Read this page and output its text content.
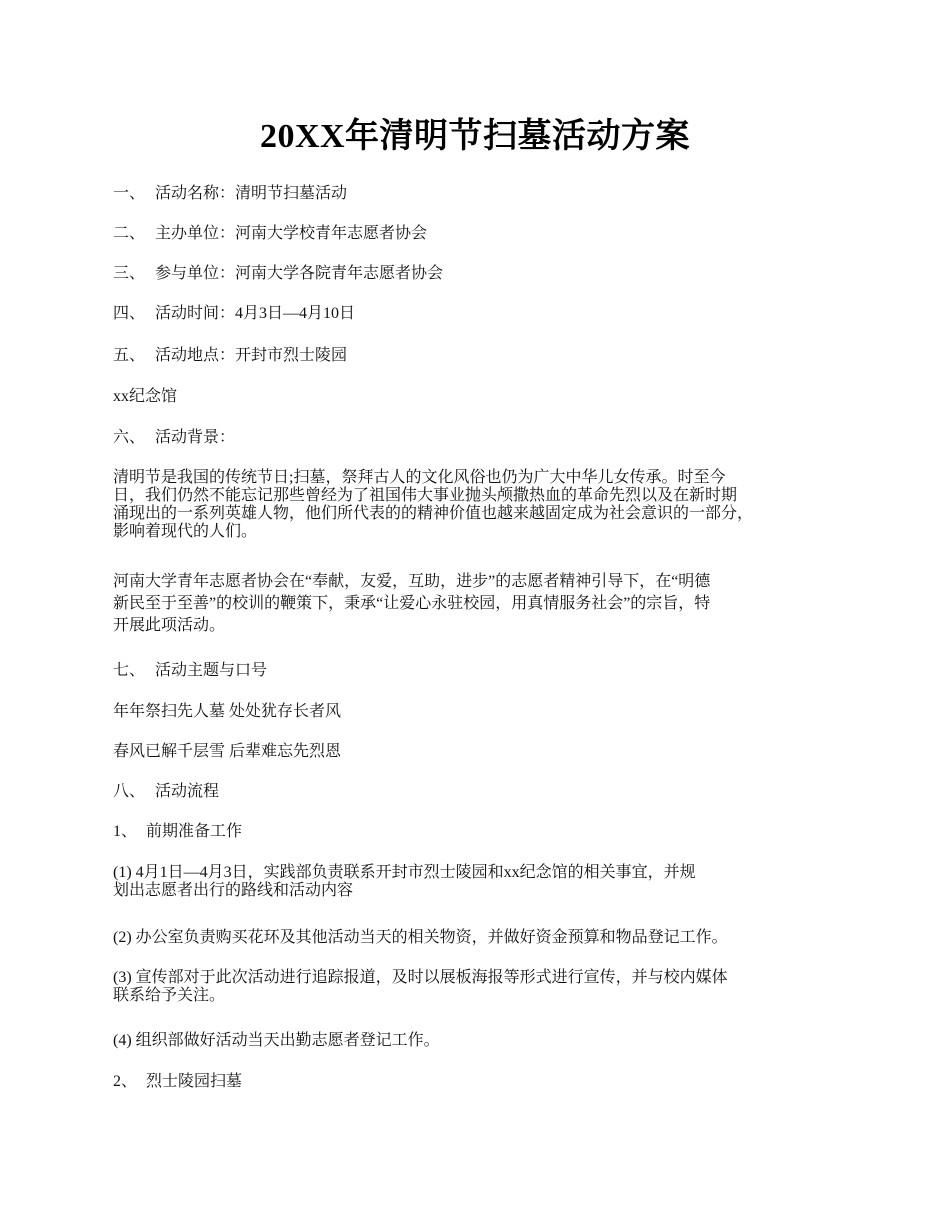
20XX年清明节扫墓活动方案
一、 活动名称：清明节扫墓活动
二、 主办单位：河南大学校青年志愿者协会
三、 参与单位：河南大学各院青年志愿者协会
四、 活动时间：4月3日—4月10日
五、 活动地点：开封市烈士陵园
xx纪念馆
六、 活动背景：
清明节是我国的传统节日;扫墓，祭拜古人的文化风俗也仍为广大中华儿女传承。时至今
日，我们仍然不能忘记那些曾经为了祖国伟大事业抛头颅撒热血的革命先烈以及在新时期
涌现出的一系列英雄人物，他们所代表的的精神价值也越来越固定成为社会意识的一部分，
影响着现代的人们。
河南大学青年志愿者协会在“奉献，友爱，互助，进步”的志愿者精神引导下，在“明德
新民至于至善”的校训的鞭策下，秉承“让爱心永驻校园，用真情服务社会”的宗旨，特
开展此项活动。
七、 活动主题与口号
年年祭扫先人墓 处处犹存长者风
春风已解千层雪 后辈难忘先烈恩
八、 活动流程
1、 前期准备工作
(1) 4月1日—4月3日，实践部负责联系开封市烈士陵园和xx纪念馆的相关事宜，并规
划出志愿者出行的路线和活动内容
(2) 办公室负责购买花环及其他活动当天的相关物资，并做好资金预算和物品登记工作。
(3) 宣传部对于此次活动进行追踪报道，及时以展板海报等形式进行宣传，并与校内媒体
联系给予关注。
(4) 组织部做好活动当天出勤志愿者登记工作。
2、 烈士陵园扫墓
